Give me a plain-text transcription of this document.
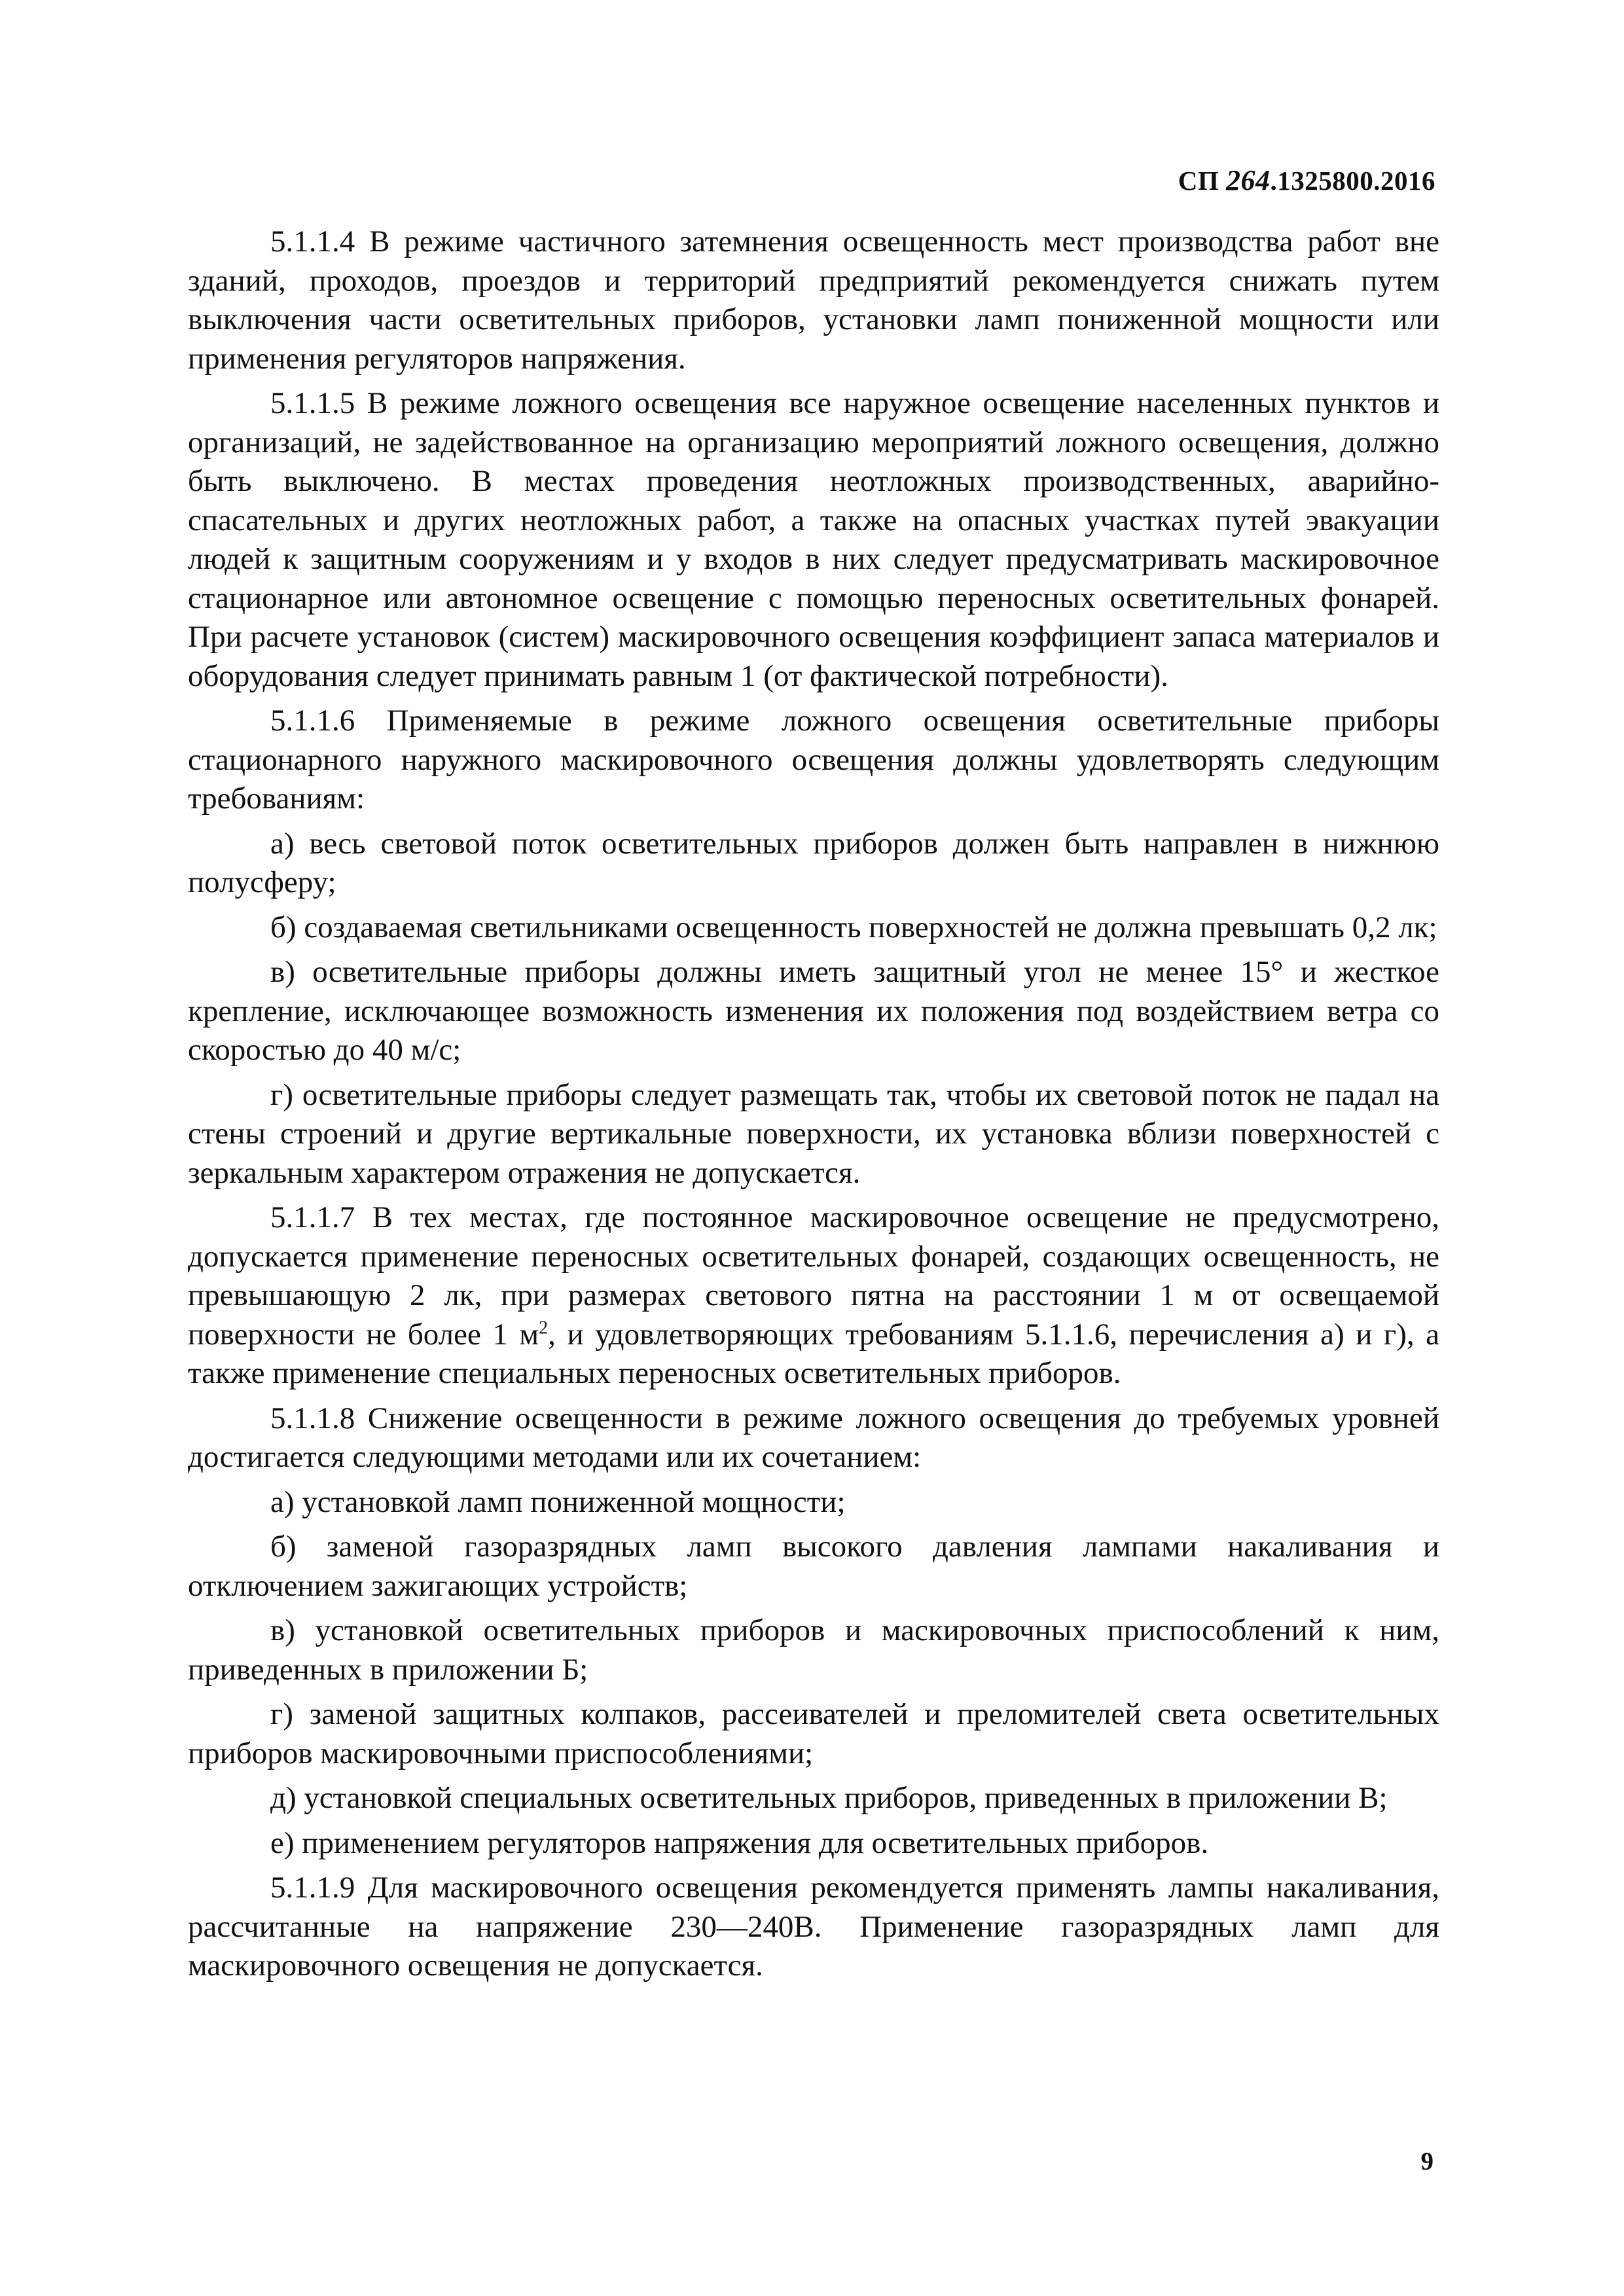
СП 264.1325800.2016

5.1.1.4 В режиме частичного затемнения освещенность мест производства работ вне зданий, проходов, проездов и территорий предприятий рекомендуется снижать путем выключения части осветительных приборов, установки ламп пониженной мощности или применения регуляторов напряжения.

5.1.1.5 В режиме ложного освещения все наружное освещение населенных пунктов и организаций, не задействованное на организацию мероприятий ложного освещения, должно быть выключено. В местах проведения неотложных производственных, аварийно-спасательных и других неотложных работ, а также на опасных участках путей эвакуации людей к защитным сооружениям и у входов в них следует предусматривать маскировочное стационарное или автономное освещение с помощью переносных осветительных фонарей. При расчете установок (систем) маскировочного освещения коэффициент запаса материалов и оборудования следует принимать равным 1 (от фактической потребности).

5.1.1.6 Применяемые в режиме ложного освещения осветительные приборы стационарного наружного маскировочного освещения должны удовлетворять следующим требованиям:

а) весь световой поток осветительных приборов должен быть направлен в нижнюю полусферу;

б) создаваемая светильниками освещенность поверхностей не должна превышать 0,2 лк;

в) осветительные приборы должны иметь защитный угол не менее 15° и жесткое крепление, исключающее возможность изменения их положения под воздействием ветра со скоростью до 40 м/с;

г) осветительные приборы следует размещать так, чтобы их световой поток не падал на стены строений и другие вертикальные поверхности, их установка вблизи поверхностей с зеркальным характером отражения не допускается.

5.1.1.7 В тех местах, где постоянное маскировочное освещение не предусмотрено, допускается применение переносных осветительных фонарей, создающих освещенность, не превышающую 2 лк, при размерах светового пятна на расстоянии 1 м от освещаемой поверхности не более 1 $м^2$, и удовлетворяющих требованиям 5.1.1.6, перечисления а) и г), а также применение специальных переносных осветительных приборов.

5.1.1.8 Снижение освещенности в режиме ложного освещения до требуемых уровней достигается следующими методами или их сочетанием:

а) установкой ламп пониженной мощности;

б) заменой газоразрядных ламп высокого давления лампами накаливания и отключением зажигающих устройств;

в) установкой осветительных приборов и маскировочных приспособлений к ним, приведенных в приложении Б;

г) заменой защитных колпаков, рассеивателей и преломителей света осветительных приборов маскировочными приспособлениями;

д) установкой специальных осветительных приборов, приведенных в приложении В;

е) применением регуляторов напряжения для осветительных приборов.

5.1.1.9 Для маскировочного освещения рекомендуется применять лампы накаливания, рассчитанные на напряжение 230—240В. Применение газоразрядных ламп для маскировочного освещения не допускается.

9
